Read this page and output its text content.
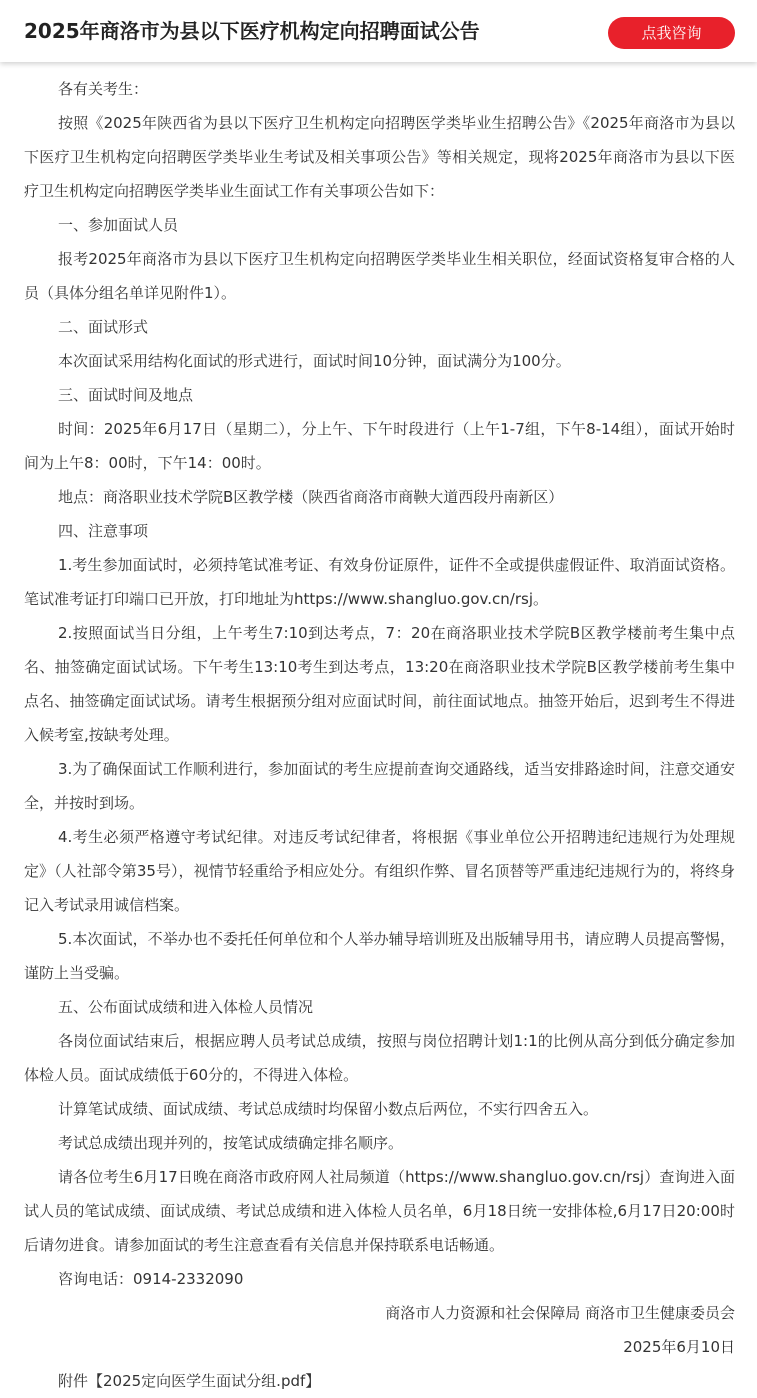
2025年商洛市为县以下医疗机构定向招聘面试公告	点我咨询

各有关考生：

按照《2025年陕西省为县以下医疗卫生机构定向招聘医学类毕业生招聘公告》《2025年商洛市为县以下医疗卫生机构定向招聘医学类毕业生考试及相关事项公告》等相关规定，现将2025年商洛市为县以下医疗卫生机构定向招聘医学类毕业生面试工作有关事项公告如下：

一、参加面试人员

报考2025年商洛市为县以下医疗卫生机构定向招聘医学类毕业生相关职位，经面试资格复审合格的人员（具体分组名单详见附件1）。

二、面试形式

本次面试采用结构化面试的形式进行，面试时间10分钟，面试满分为100分。

三、面试时间及地点

时间：2025年6月17日（星期二），分上午、下午时段进行（上午1-7组，下午8-14组），面试开始时间为上午8：00时，下午14：00时。

地点：商洛职业技术学院B区教学楼（陕西省商洛市商鞅大道西段丹南新区）

四、注意事项

1.考生参加面试时，必须持笔试准考证、有效身份证原件，证件不全或提供虚假证件、取消面试资格。笔试准考证打印端口已开放，打印地址为https://www.shangluo.gov.cn/rsj。

2.按照面试当日分组，上午考生7:10到达考点，7：20在商洛职业技术学院B区教学楼前考生集中点名、抽签确定面试试场。下午考生13:10考生到达考点，13:20在商洛职业技术学院B区教学楼前考生集中点名、抽签确定面试试场。请考生根据预分组对应面试时间，前往面试地点。抽签开始后，迟到考生不得进入候考室,按缺考处理。

3.为了确保面试工作顺利进行，参加面试的考生应提前查询交通路线，适当安排路途时间，注意交通安全，并按时到场。

4.考生必须严格遵守考试纪律。对违反考试纪律者，将根据《事业单位公开招聘违纪违规行为处理规定》（人社部令第35号），视情节轻重给予相应处分。有组织作弊、冒名顶替等严重违纪违规行为的，将终身记入考试录用诚信档案。

5.本次面试，不举办也不委托任何单位和个人举办辅导培训班及出版辅导用书，请应聘人员提高警惕，谨防上当受骗。

五、公布面试成绩和进入体检人员情况

各岗位面试结束后，根据应聘人员考试总成绩，按照与岗位招聘计划1:1的比例从高分到低分确定参加体检人员。面试成绩低于60分的，不得进入体检。

计算笔试成绩、面试成绩、考试总成绩时均保留小数点后两位，不实行四舍五入。

考试总成绩出现并列的，按笔试成绩确定排名顺序。

请各位考生6月17日晚在商洛市政府网人社局频道（https://www.shangluo.gov.cn/rsj）查询进入面试人员的笔试成绩、面试成绩、考试总成绩和进入体检人员名单，6月18日统一安排体检,6月17日20:00时后请勿进食。请参加面试的考生注意查看有关信息并保持联系电话畅通。

咨询电话：0914-2332090

商洛市人力资源和社会保障局 商洛市卫生健康委员会

2025年6月10日

附件【2025定向医学生面试分组.pdf】
